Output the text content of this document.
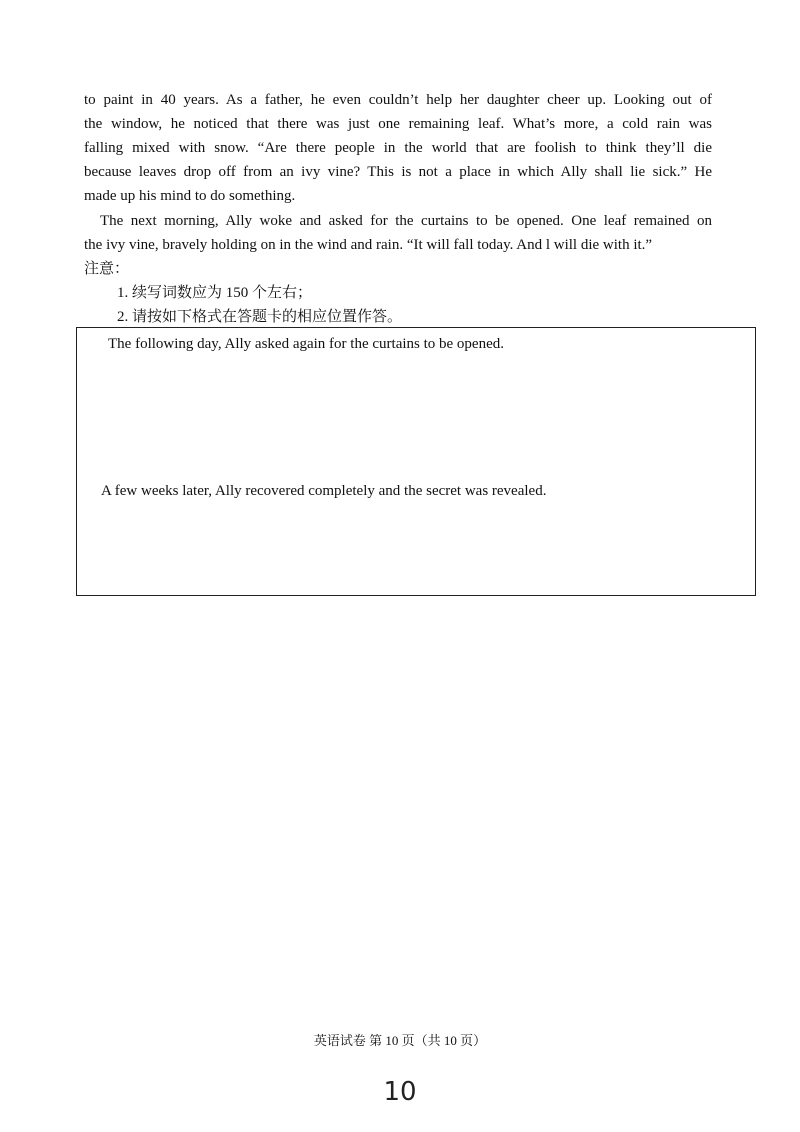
to paint in 40 years. As a father, he even couldn’t help her daughter cheer up. Looking out of
the window, he noticed that there was just one remaining leaf. What’s more, a cold rain was
falling mixed with snow. “Are there people in the world that are foolish to think they’ll die
because leaves drop off from an ivy vine? This is not a place in which Ally shall lie sick.” He
made up his mind to do something.
The next morning, Ally woke and asked for the curtains to be opened. One leaf remained on
the ivy vine, bravely holding on in the wind and rain. “It will fall today. And l will die with it.”
注意：
1. 续写词数应为 150 个左右；
2. 请按如下格式在答题卡的相应位置作答。
The following day, Ally asked again for the curtains to be opened.
A few weeks later, Ally recovered completely and the secret was revealed.
英语试卷 第 10 页（共 10 页）
10
